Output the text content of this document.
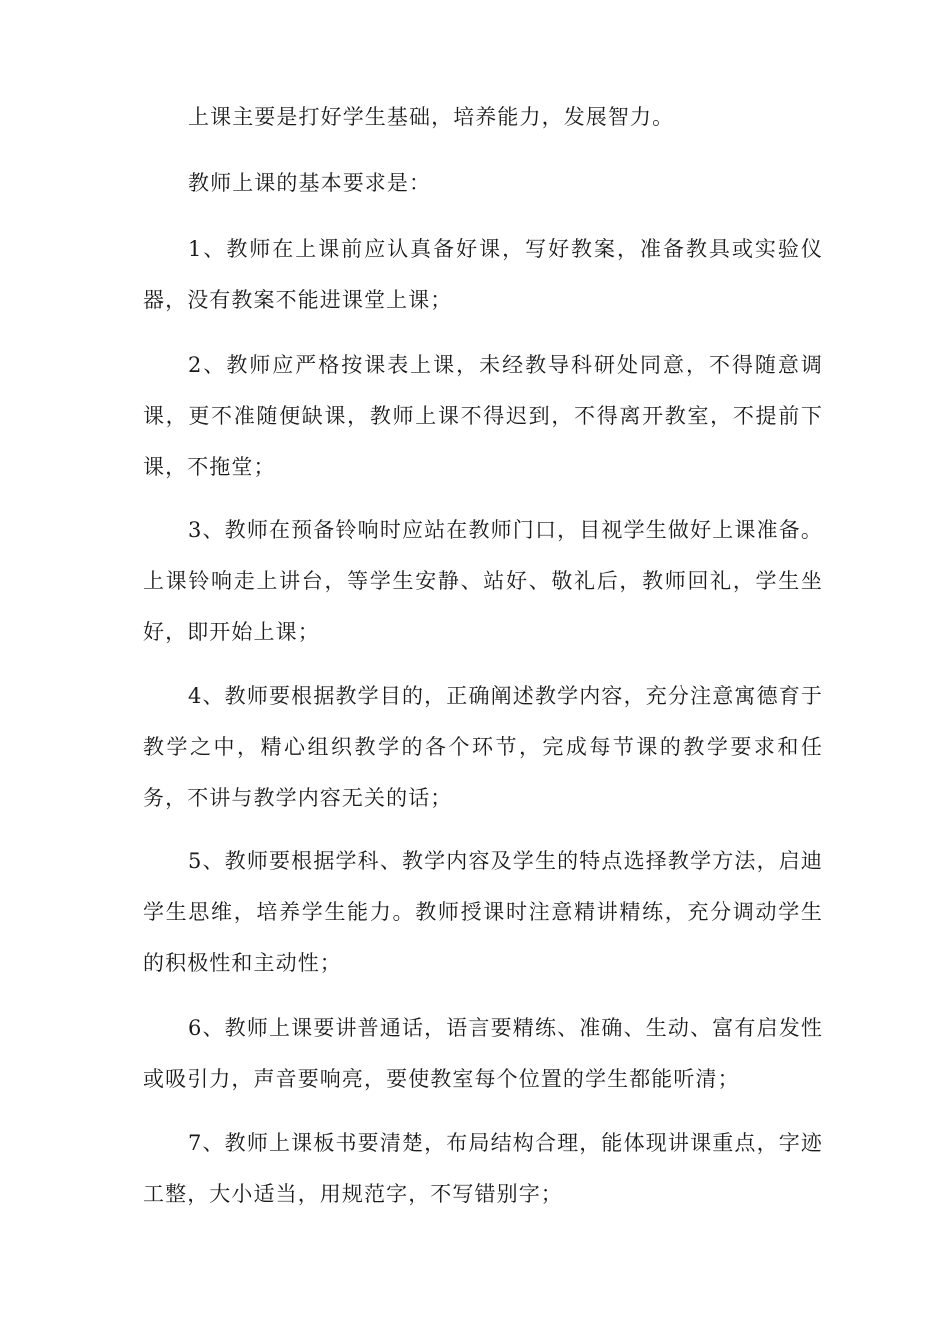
上课主要是打好学生基础，培养能力，发展智力。

教师上课的基本要求是：

1、教师在上课前应认真备好课，写好教案，准备教具或实验仪器，没有教案不能进课堂上课；

2、教师应严格按课表上课，未经教导科研处同意，不得随意调课，更不准随便缺课，教师上课不得迟到，不得离开教室，不提前下课，不拖堂；

3、教师在预备铃响时应站在教师门口，目视学生做好上课准备。上课铃响走上讲台，等学生安静、站好、敬礼后，教师回礼，学生坐好，即开始上课；

4、教师要根据教学目的，正确阐述教学内容，充分注意寓德育于教学之中，精心组织教学的各个环节，完成每节课的教学要求和任务，不讲与教学内容无关的话；

5、教师要根据学科、教学内容及学生的特点选择教学方法，启迪学生思维，培养学生能力。教师授课时注意精讲精练，充分调动学生的积极性和主动性；

6、教师上课要讲普通话，语言要精练、准确、生动、富有启发性或吸引力，声音要响亮，要使教室每个位置的学生都能听清；

7、教师上课板书要清楚，布局结构合理，能体现讲课重点，字迹工整，大小适当，用规范字，不写错别字；
